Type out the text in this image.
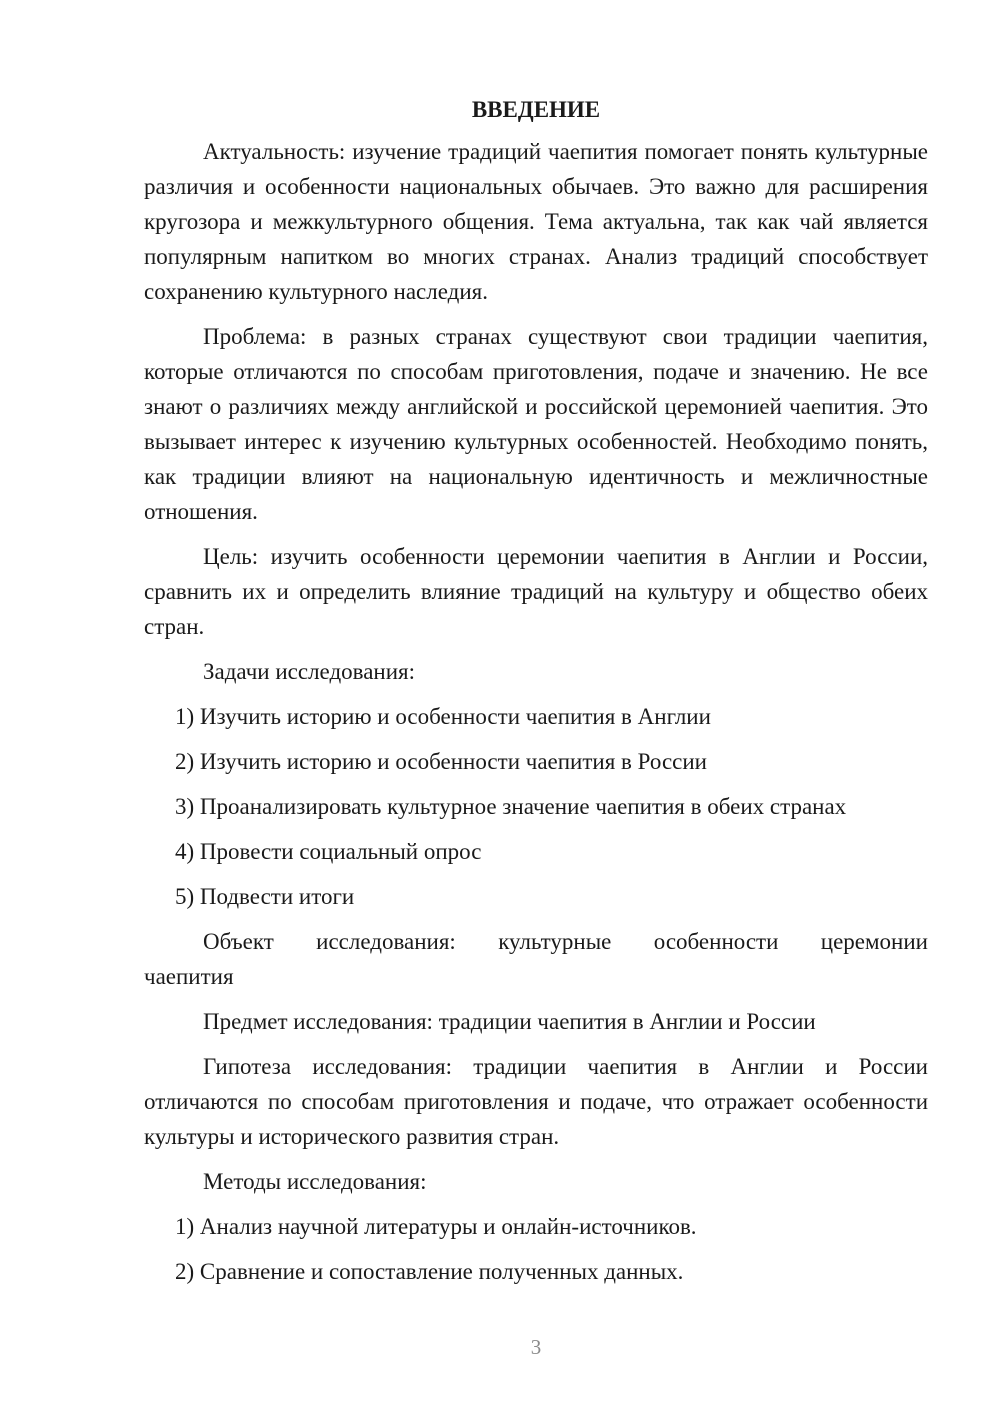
ВВЕДЕНИЕ

Актуальность: изучение традиций чаепития помогает понять культурные различия и особенности национальных обычаев. Это важно для расширения кругозора и межкультурного общения. Тема актуальна, так как чай является популярным напитком во многих странах. Анализ традиций способствует сохранению культурного наследия.

Проблема: в разных странах существуют свои традиции чаепития, которые отличаются по способам приготовления, подаче и значению. Не все знают о различиях между английской и российской церемонией чаепития. Это вызывает интерес к изучению культурных особенностей. Необходимо понять, как традиции влияют на национальную идентичность и межличностные отношения.

Цель: изучить особенности церемонии чаепития в Англии и России, сравнить их и определить влияние традиций на культуру и общество обеих стран.

Задачи исследования:

1) Изучить историю и особенности чаепития в Англии

2) Изучить историю и особенности чаепития в России

3) Проанализировать культурное значение чаепития в обеих странах

4) Провести социальный опрос

5) Подвести итоги

Объект исследования: культурные особенности церемонии

чаепития

Предмет исследования: традиции чаепития в Англии и России

Гипотеза исследования: традиции чаепития в Англии и России отличаются по способам приготовления и подаче, что отражает особенности культуры и исторического развития стран.

Методы исследования:

1) Анализ научной литературы и онлайн-источников.

2) Сравнение и сопоставление полученных данных.

3
